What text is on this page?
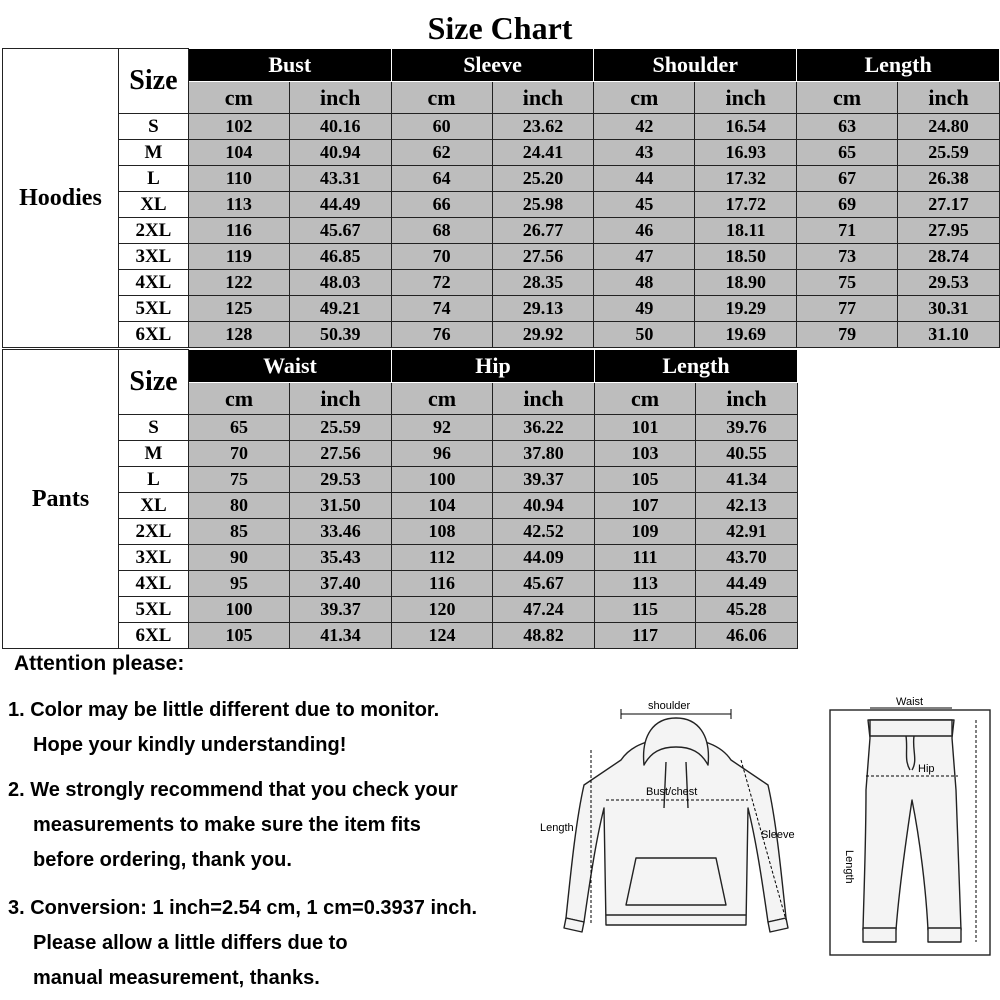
Size Chart
Hoodies	Size	Bust		Sleeve		Shoulder		Length	
		cm	inch	cm	inch	cm	inch	cm	inch
	S	102	40.16	60	23.62	42	16.54	63	24.80
	M	104	40.94	62	24.41	43	16.93	65	25.59
	L	110	43.31	64	25.20	44	17.32	67	26.38
	XL	113	44.49	66	25.98	45	17.72	69	27.17
	2XL	116	45.67	68	26.77	46	18.11	71	27.95
	3XL	119	46.85	70	27.56	47	18.50	73	28.74
	4XL	122	48.03	72	28.35	48	18.90	75	29.53
	5XL	125	49.21	74	29.13	49	19.29	77	30.31
	6XL	128	50.39	76	29.92	50	19.69	79	31.10
Pants	Size	Waist		Hip		Length	
		cm	inch	cm	inch	cm	inch
	S	65	25.59	92	36.22	101	39.76
	M	70	27.56	96	37.80	103	40.55
	L	75	29.53	100	39.37	105	41.34
	XL	80	31.50	104	40.94	107	42.13
	2XL	85	33.46	108	42.52	109	42.91
	3XL	90	35.43	112	44.09	111	43.70
	4XL	95	37.40	116	45.67	113	44.49
	5XL	100	39.37	120	47.24	115	45.28
	6XL	105	41.34	124	48.82	117	46.06
Attention please:
1. Color may be little different due to monitor.
Hope your kindly understanding!
2. We strongly recommend that you check your
measurements to make sure the item fits
before ordering, thank you.
3. Conversion: 1 inch=2.54 cm, 1 cm=0.3937 inch.
Please allow a little differs due to
manual measurement, thanks.
shoulder
Bust/chest
Length
Sleeve
Waist
Hip
Length
